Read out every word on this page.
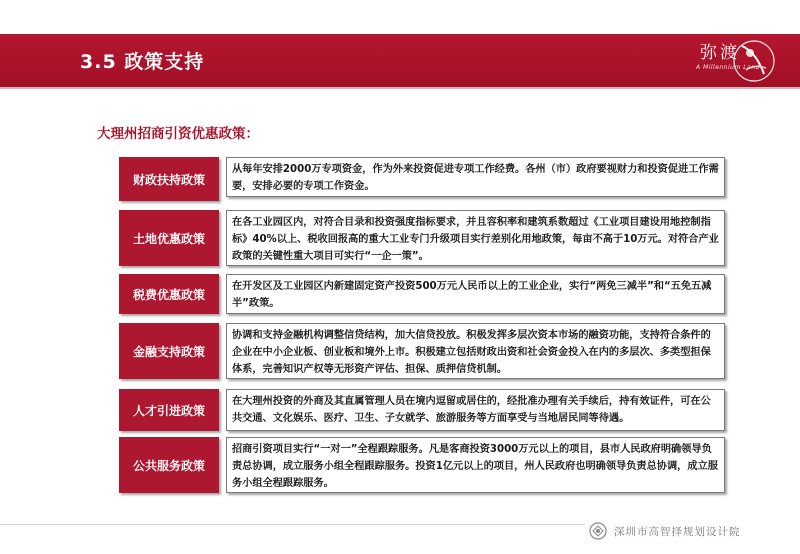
3.5 政策支持	弥渡
A Millennium Land
大理州招商引资优惠政策：
财政扶持政策
从每年安排2000万专项资金，作为外来投资促进专项工作经费。各州（市）政府要视财力和投资促进工作需要，安排必要的专项工作资金。
土地优惠政策
在各工业园区内，对符合目录和投资强度指标要求，并且容积率和建筑系数超过《工业项目建设用地控制指标》40%以上、税收回报高的重大工业专门升级项目实行差别化用地政策，每亩不高于10万元。对符合产业政策的关键性重大项目可实行“一企一策”。
税费优惠政策
在开发区及工业园区内新建固定资产投资500万元人民币以上的工业企业，实行“两免三减半”和“五免五减半”政策。
金融支持政策
协调和支持金融机构调整信贷结构，加大信贷投放。积极发挥多层次资本市场的融资功能，支持符合条件的企业在中小企业板、创业板和境外上市。积极建立包括财政出资和社会资金投入在内的多层次、多类型担保体系，完善知识产权等无形资产评估、担保、质押信贷机制。
人才引进政策
在大理州投资的外商及其直属管理人员在境内逗留或居住的，经批准办理有关手续后，持有效证件，可在公共交通、文化娱乐、医疗、卫生、子女就学、旅游服务等方面享受与当地居民同等待遇。
公共服务政策
招商引资项目实行“一对一”全程跟踪服务。凡是客商投资3000万元以上的项目，县市人民政府明确领导负责总协调，成立服务小组全程跟踪服务。投资1亿元以上的项目，州人民政府也明确领导负责总协调，成立服务小组全程跟踪服务。
深圳市高智择规划设计院
